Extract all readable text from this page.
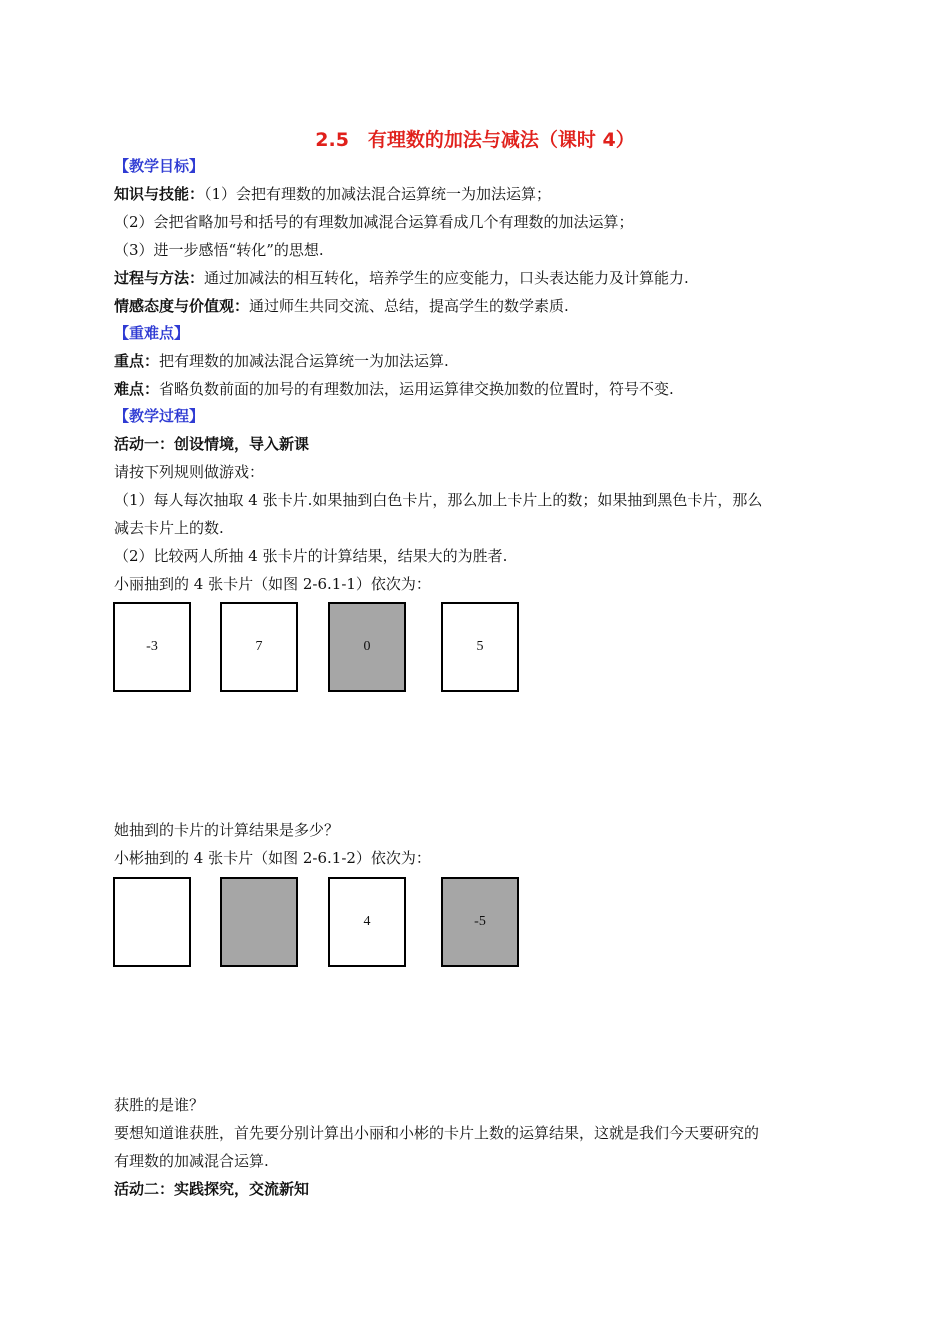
2.5　有理数的加法与减法（课时 4）
【教学目标】
知识与技能：（1）会把有理数的加减法混合运算统一为加法运算；
（2）会把省略加号和括号的有理数加减混合运算看成几个有理数的加法运算；
（3）进一步感悟“转化”的思想.
过程与方法：通过加减法的相互转化，培养学生的应变能力，口头表达能力及计算能力.
情感态度与价值观：通过师生共同交流、总结，提高学生的数学素质.
【重难点】
重点：把有理数的加减法混合运算统一为加法运算.
难点：省略负数前面的加号的有理数加法，运用运算律交换加数的位置时，符号不变.
【教学过程】
活动一：创设情境，导入新课
请按下列规则做游戏：
（1）每人每次抽取 4 张卡片.如果抽到白色卡片，那么加上卡片上的数；如果抽到黑色卡片，那么
减去卡片上的数.
（2）比较两人所抽 4 张卡片的计算结果，结果大的为胜者.
小丽抽到的 4 张卡片（如图 2-6.1-1）依次为：
-3	7	0	5
她抽到的卡片的计算结果是多少？
小彬抽到的 4 张卡片（如图 2-6.1-2）依次为：
4	-5
获胜的是谁？
要想知道谁获胜，首先要分别计算出小丽和小彬的卡片上数的运算结果，这就是我们今天要研究的
有理数的加减混合运算.
活动二：实践探究，交流新知
